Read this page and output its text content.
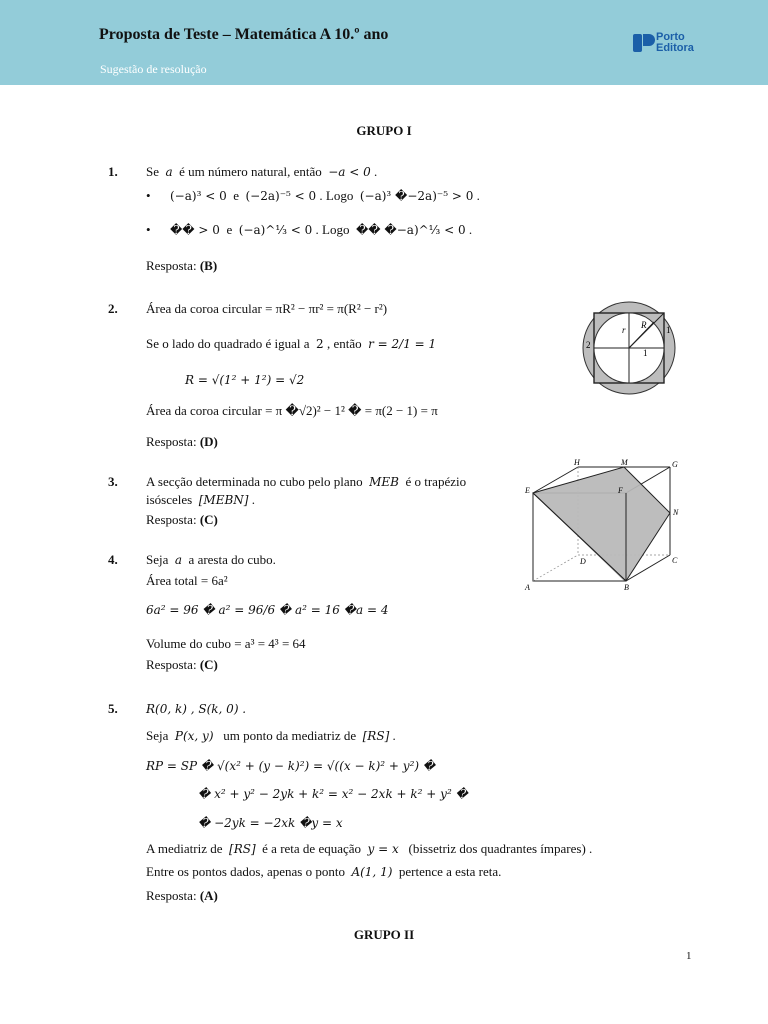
Proposta de Teste – Matemática A 10.º ano
Sugestão de resolução
Porto
Editora
GRUPO I
1. Se a é um número natural, então −a < 0 .
• (−a)³ < 0 e (−2a)⁻⁵ < 0 . Logo (−a)³ �−2a)⁻⁵ > 0 .
• �� > 0 e (−a)^⅓ < 0 . Logo �� �−a)^⅓ < 0 .
Resposta: (B)
2. Área da coroa circular = πR² − πr² = π(R² − r²)
Se o lado do quadrado é igual a 2 , então r = 2/1 = 1
R = √(1² + 1²) = √2
Área da coroa circular = π �√2)² − 1² � = π(2 − 1) = π
Resposta: (D)
r R 1
1
2
3. A secção determinada no cubo pelo plano MEB é o trapézio
isósceles [MEBN] .
Resposta: (C)
H	M	G
E	F
N
D	C
A	B
4. Seja a a aresta do cubo.
Área total = 6a²
6a² = 96 � a² = 96/6 � a² = 16 �a = 4
Volume do cubo = a³ = 4³ = 64
Resposta: (C)
5. R(0, k) , S(k, 0) .
Seja P(x, y) um ponto da mediatriz de [RS] .
RP = SP � √(x² + (y − k)²) = √((x − k)² + y²) �
� x² + y² − 2yk + k² = x² − 2xk + k² + y² �
� −2yk = −2xk �y = x
A mediatriz de [RS] é a reta de equação y = x (bissetriz dos quadrantes ímpares) .
Entre os pontos dados, apenas o ponto A(1, 1) pertence a esta reta.
Resposta: (A)
GRUPO II
1
